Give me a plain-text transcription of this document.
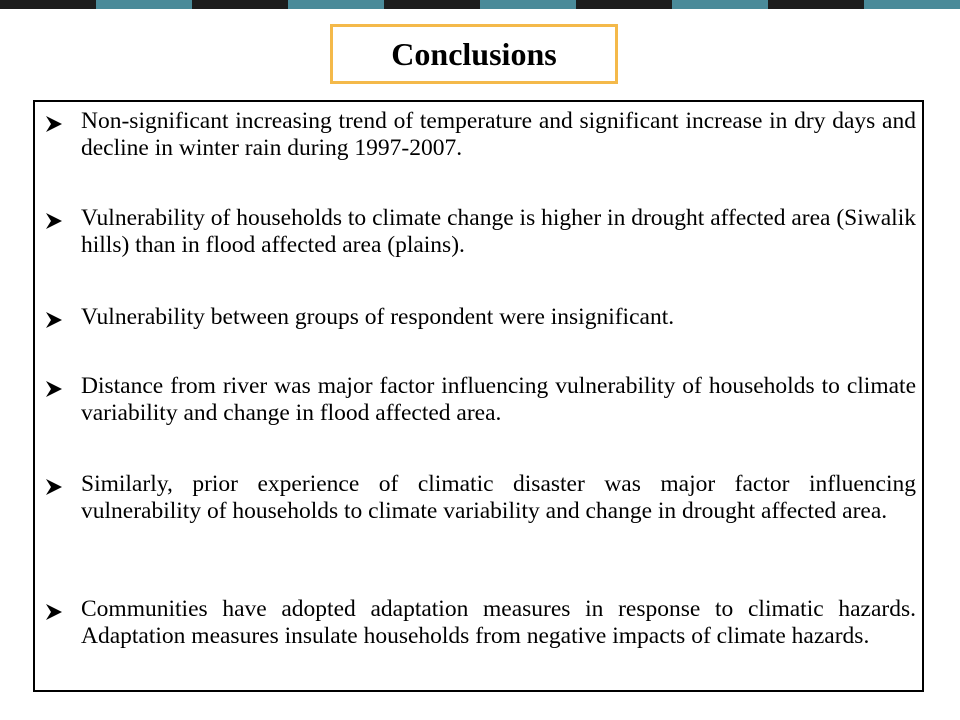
Conclusions
Non-significant increasing trend of temperature and significant increase in dry days and decline in winter rain during 1997-2007.
Vulnerability of households to climate change is higher in drought affected area (Siwalik hills) than in flood affected area (plains).
Vulnerability between groups of respondent were insignificant.
Distance from river was major factor influencing vulnerability of households to climate variability and change in flood affected area.
Similarly, prior experience of climatic disaster was major factor influencing vulnerability of households to climate variability and change in drought affected area.
Communities have adopted adaptation measures in response to climatic hazards. Adaptation measures insulate households from negative impacts of climate hazards.
